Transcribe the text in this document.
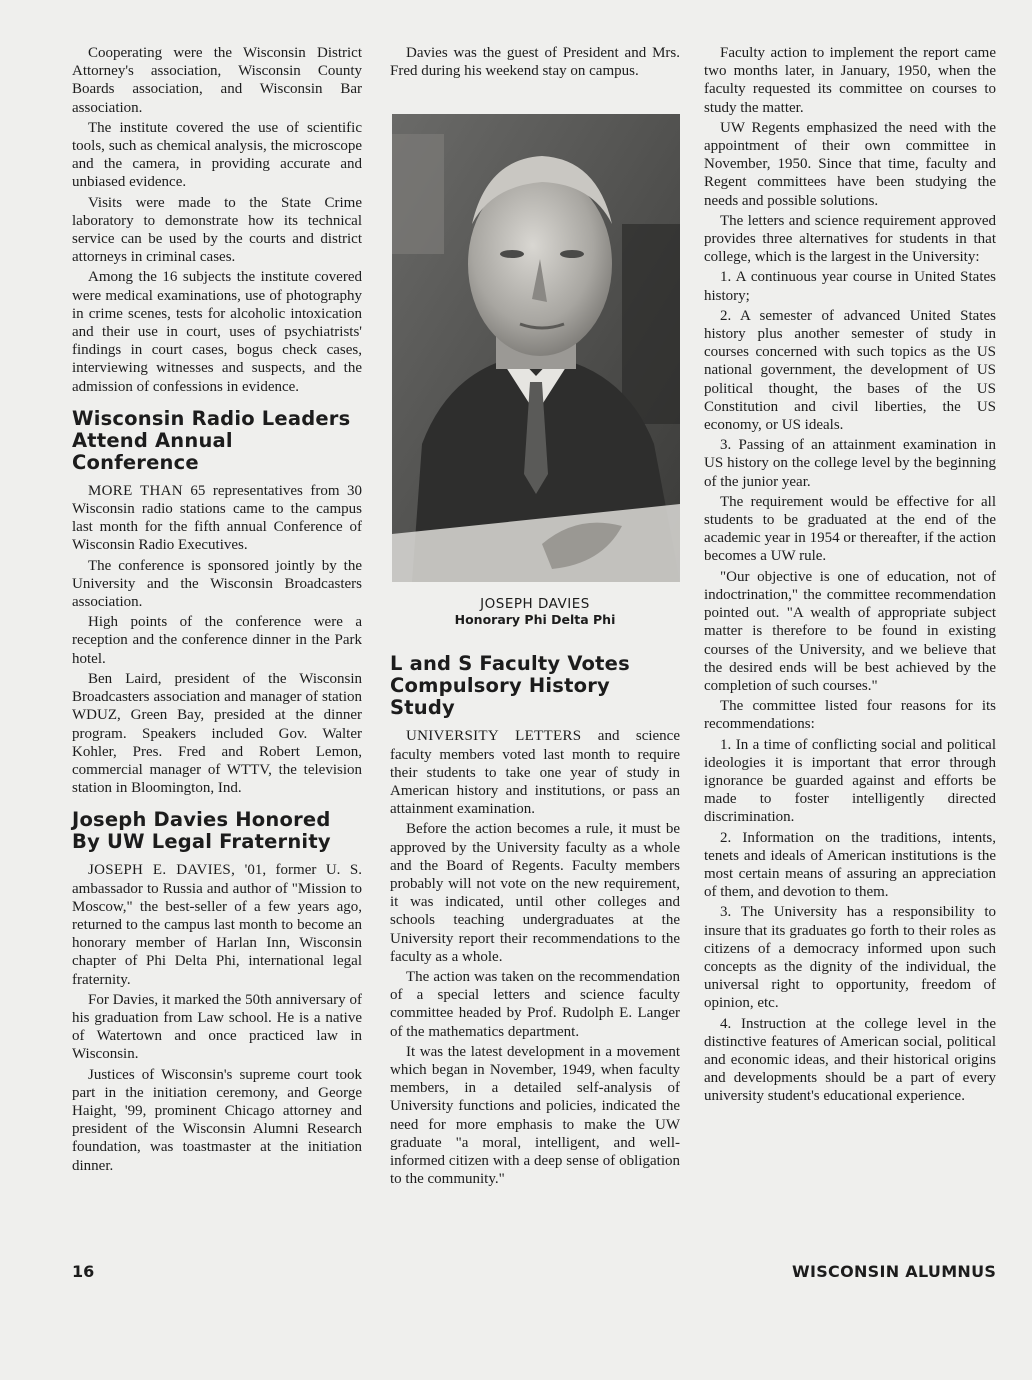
Cooperating were the Wisconsin District Attorney's association, Wisconsin County Boards association, and Wisconsin Bar association.

The institute covered the use of scientific tools, such as chemical analysis, the microscope and the camera, in providing accurate and unbiased evidence.

Visits were made to the State Crime laboratory to demonstrate how its technical service can be used by the courts and district attorneys in criminal cases.

Among the 16 subjects the institute covered were medical examinations, use of photography in crime scenes, tests for alcoholic intoxication and their use in court, uses of psychiatrists' findings in court cases, bogus check cases, interviewing witnesses and suspects, and the admission of confessions in evidence.

Wisconsin Radio Leaders
Attend Annual Conference

MORE THAN 65 representatives from 30 Wisconsin radio stations came to the campus last month for the fifth annual Conference of Wisconsin Radio Executives.

The conference is sponsored jointly by the University and the Wisconsin Broadcasters association.

High points of the conference were a reception and the conference dinner in the Park hotel.

Ben Laird, president of the Wisconsin Broadcasters association and manager of station WDUZ, Green Bay, presided at the dinner program. Speakers included Gov. Walter Kohler, Pres. Fred and Robert Lemon, commercial manager of WTTV, the television station in Bloomington, Ind.

Joseph Davies Honored
By UW Legal Fraternity

JOSEPH E. DAVIES, '01, former U. S. ambassador to Russia and author of "Mission to Moscow," the best-seller of a few years ago, returned to the campus last month to become an honorary member of Harlan Inn, Wisconsin chapter of Phi Delta Phi, international legal fraternity.

For Davies, it marked the 50th anniversary of his graduation from Law school. He is a native of Watertown and once practiced law in Wisconsin.

Justices of Wisconsin's supreme court took part in the initiation ceremony, and George Haight, '99, prominent Chicago attorney and president of the Wisconsin Alumni Research foundation, was toastmaster at the initiation dinner.

Davies was the guest of President and Mrs. Fred during his weekend stay on campus.

JOSEPH DAVIES
Honorary Phi Delta Phi
L and S Faculty Votes
Compulsory History Study

UNIVERSITY LETTERS and science faculty members voted last month to require their students to take one year of study in American history and institutions, or pass an attainment examination.

Before the action becomes a rule, it must be approved by the University faculty as a whole and the Board of Regents. Faculty members probably will not vote on the new requirement, it was indicated, until other colleges and schools teaching undergraduates at the University report their recommendations to the faculty as a whole.

The action was taken on the recommendation of a special letters and science faculty committee headed by Prof. Rudolph E. Langer of the mathematics department.

It was the latest development in a movement which began in November, 1949, when faculty members, in a detailed self-analysis of University functions and policies, indicated the need for more emphasis to make the UW graduate "a moral, intelligent, and well-informed citizen with a deep sense of obligation to the community."

Faculty action to implement the report came two months later, in January, 1950, when the faculty requested its committee on courses to study the matter.

UW Regents emphasized the need with the appointment of their own committee in November, 1950. Since that time, faculty and Regent committees have been studying the needs and possible solutions.

The letters and science requirement approved provides three alternatives for students in that college, which is the largest in the University:

1. A continuous year course in United States history;

2. A semester of advanced United States history plus another semester of study in courses concerned with such topics as the US national government, the development of US political thought, the bases of the US Constitution and civil liberties, the US economy, or US ideals.

3. Passing of an attainment examination in US history on the college level by the beginning of the junior year.

The requirement would be effective for all students to be graduated at the end of the academic year in 1954 or thereafter, if the action becomes a UW rule.

"Our objective is one of education, not of indoctrination," the committee recommendation pointed out. "A wealth of appropriate subject matter is therefore to be found in existing courses of the University, and we believe that the desired ends will be best achieved by the completion of such courses."

The committee listed four reasons for its recommendations:

1. In a time of conflicting social and political ideologies it is important that error through ignorance be guarded against and efforts be made to foster intelligently directed discrimination.

2. Information on the traditions, intents, tenets and ideals of American institutions is the most certain means of assuring an appreciation of them, and devotion to them.

3. The University has a responsibility to insure that its graduates go forth to their roles as citizens of a democracy informed upon such concepts as the dignity of the individual, the universal right to opportunity, freedom of opinion, etc.

4. Instruction at the college level in the distinctive features of American social, political and economic ideas, and their historical origins and developments should be a part of every university student's educational experience.

16	WISCONSIN ALUMNUS
